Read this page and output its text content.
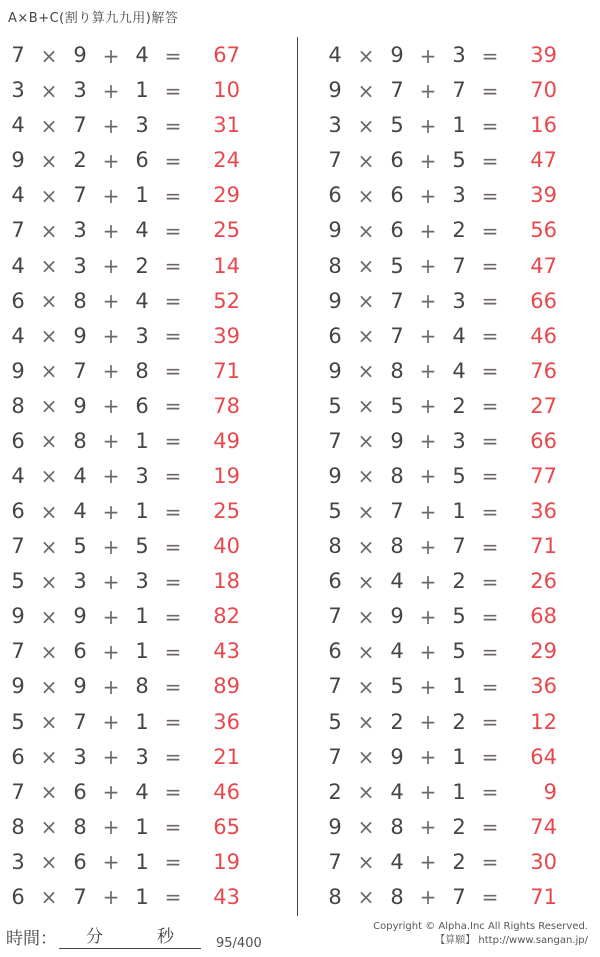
A×B+C(割り算九九用)解答
7 × 9 + 4 =	67
3 × 3 + 1 =	10
4 × 7 + 3 =	31
9 × 2 + 6 =	24
4 × 7 + 1 =	29
7 × 3 + 4 =	25
4 × 3 + 2 =	14
6 × 8 + 4 =	52
4 × 9 + 3 =	39
9 × 7 + 8 =	71
8 × 9 + 6 =	78
6 × 8 + 1 =	49
4 × 4 + 3 =	19
6 × 4 + 1 =	25
7 × 5 + 5 =	40
5 × 3 + 3 =	18
9 × 9 + 1 =	82
7 × 6 + 1 =	43
9 × 9 + 8 =	89
5 × 7 + 1 =	36
6 × 3 + 3 =	21
7 × 6 + 4 =	46
8 × 8 + 1 =	65
3 × 6 + 1 =	19
6 × 7 + 1 =	43
4 × 9 + 3 =	39
9 × 7 + 7 =	70
3 × 5 + 1 =	16
7 × 6 + 5 =	47
6 × 6 + 3 =	39
9 × 6 + 2 =	56
8 × 5 + 7 =	47
9 × 7 + 3 =	66
6 × 7 + 4 =	46
9 × 8 + 4 =	76
5 × 5 + 2 =	27
7 × 9 + 3 =	66
9 × 8 + 5 =	77
5 × 7 + 1 =	36
8 × 8 + 7 =	71
6 × 4 + 2 =	26
7 × 9 + 5 =	68
6 × 4 + 5 =	29
7 × 5 + 1 =	36
5 × 2 + 2 =	12
7 × 9 + 1 =	64
2 × 4 + 1 =	9
9 × 8 + 2 =	74
7 × 4 + 2 =	30
8 × 8 + 7 =	71
時間： 分	秒	95/400
Copyright © Alpha.Inc All Rights Reserved.
【算願】 http://www.sangan.jp/
